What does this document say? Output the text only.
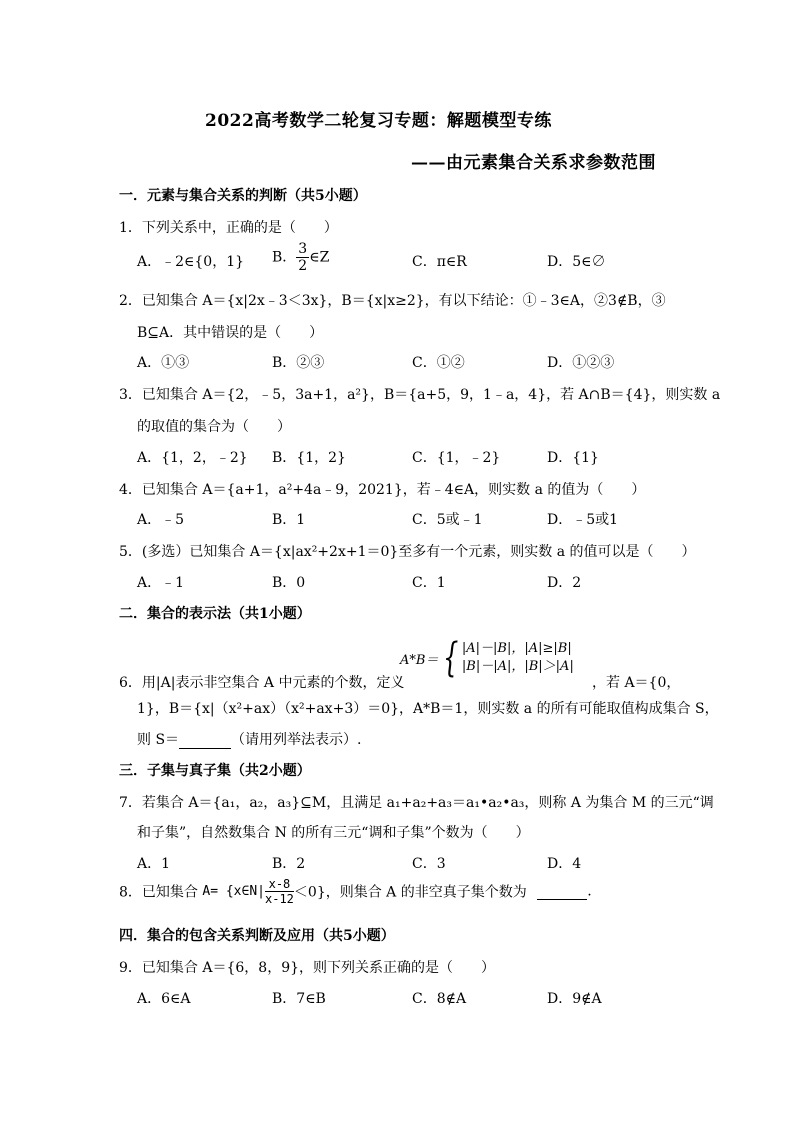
2022高考数学二轮复习专题：解题模型专练
——由元素集合关系求参数范围
一．元素与集合关系的判断（共5小题）
1．下列关系中，正确的是（　　）
A．﹣2∈{0，1} B． $\frac{3}{2}$ ∈Z	C．π∈R	D．5∈∅
2．已知集合 A＝{x|2x﹣3＜3x}，B＝{x|x≥2}，有以下结论：①﹣3∈A，②3∉B，③
B⊆A．其中错误的是（　　）
A．①③	B．②③	C．①②	D．①②③
3．已知集合 A＝{2，﹣5，3a+1，a²}，B＝{a+5，9，1﹣a，4}，若 A∩B＝{4}，则实数 a
的取值的集合为（　　）
A．{1，2，﹣2} B．{1，2}	C．{1，﹣2}	D．{1}
4．已知集合 A＝{a+1，a²+4a﹣9，2021}，若﹣4∈A，则实数 a 的值为（　　）
A．﹣5	B．1	C．5或﹣1	D．﹣5或1
5．(多选）已知集合 A＝{x|ax²+2x+1＝0}至多有一个元素，则实数 a 的值可以是（　　）
A．﹣1	B．0	C．1	D．2
二．集合的表示法（共1小题）
A*B＝ { |A|－|B|，|A|≥|B|
|B|－|A|，|B|＞|A|
6．用|A|表示非空集合 A 中元素的个数，定义	，若 A＝{0，
1}，B＝{x|（x²+ax）（x²+ax+3）＝0}，A*B＝1，则实数 a 的所有可能取值构成集合 S，
则 S＝	（请用列举法表示）.
三．子集与真子集（共2小题）
7．若集合 A＝{a₁，a₂，a₃}⊆M，且满足 a₁+a₂+a₃＝a₁•a₂•a₃，则称 A 为集合 M 的三元“调
和子集”，自然数集合 N 的所有三元“调和子集”个数为（　　）
A．1	B．2	C．3	D．4
8．已知集合 A= {x∈N| $\frac{x-8}{x-12} <0$}，则集合 A 的非空真子集个数为	.
四．集合的包含关系判断及应用（共5小题）
9．已知集合 A＝{6，8，9}，则下列关系正确的是（　　）
A．6∈A	B．7∈B	C．8∉A	D．9∉A
